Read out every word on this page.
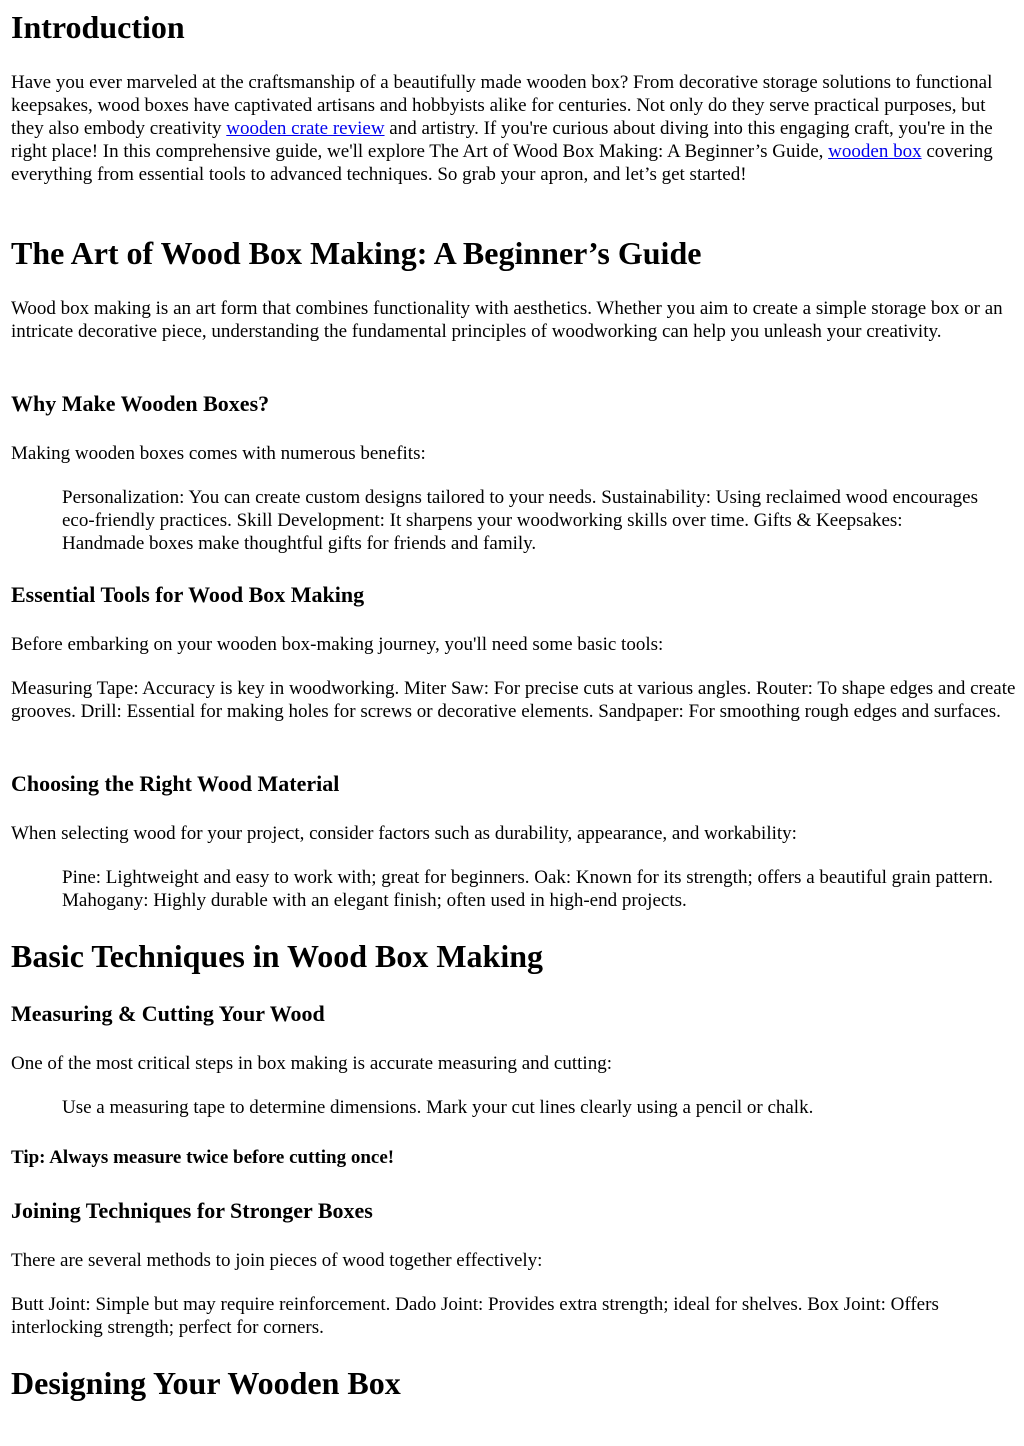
Introduction

Have you ever marveled at the craftsmanship of a beautifully made wooden box? From decorative storage solutions to functional keepsakes, wood boxes have captivated artisans and hobbyists alike for centuries. Not only do they serve practical purposes, but they also embody creativity wooden crate review and artistry. If you're curious about diving into this engaging craft, you're in the right place! In this comprehensive guide, we'll explore The Art of Wood Box Making: A Beginner’s Guide, wooden box covering everything from essential tools to advanced techniques. So grab your apron, and let’s get started!

The Art of Wood Box Making: A Beginner’s Guide

Wood box making is an art form that combines functionality with aesthetics. Whether you aim to create a simple storage box or an intricate decorative piece, understanding the fundamental principles of woodworking can help you unleash your creativity.

Why Make Wooden Boxes?

Making wooden boxes comes with numerous benefits:

Personalization: You can create custom designs tailored to your needs. Sustainability: Using reclaimed wood encourages eco-friendly practices. Skill Development: It sharpens your woodworking skills over time. Gifts & Keepsakes: Handmade boxes make thoughtful gifts for friends and family.

Essential Tools for Wood Box Making

Before embarking on your wooden box-making journey, you'll need some basic tools:

Measuring Tape: Accuracy is key in woodworking. Miter Saw: For precise cuts at various angles. Router: To shape edges and create grooves. Drill: Essential for making holes for screws or decorative elements. Sandpaper: For smoothing rough edges and surfaces.

Choosing the Right Wood Material

When selecting wood for your project, consider factors such as durability, appearance, and workability:

Pine: Lightweight and easy to work with; great for beginners. Oak: Known for its strength; offers a beautiful grain pattern. Mahogany: Highly durable with an elegant finish; often used in high-end projects.

Basic Techniques in Wood Box Making
Measuring & Cutting Your Wood

One of the most critical steps in box making is accurate measuring and cutting:

Use a measuring tape to determine dimensions. Mark your cut lines clearly using a pencil or chalk.

Tip: Always measure twice before cutting once!

Joining Techniques for Stronger Boxes

There are several methods to join pieces of wood together effectively:

Butt Joint: Simple but may require reinforcement. Dado Joint: Provides extra strength; ideal for shelves. Box Joint: Offers interlocking strength; perfect for corners.

Designing Your Wooden Box
